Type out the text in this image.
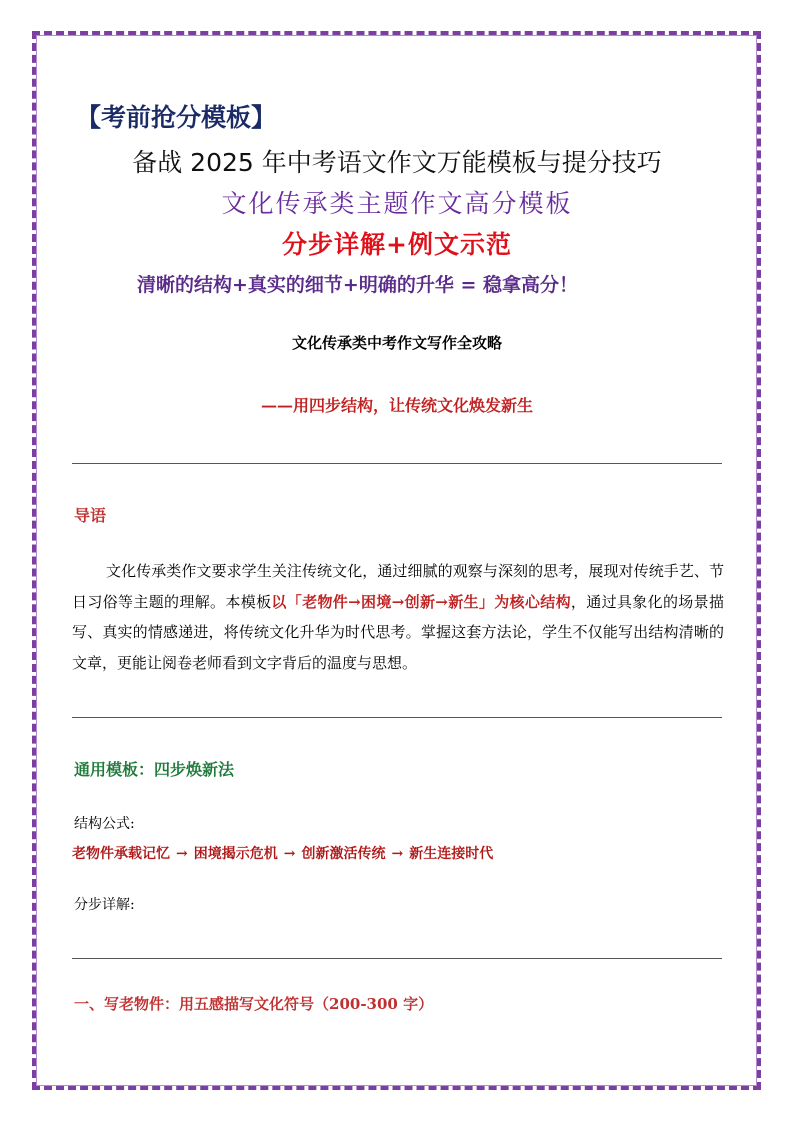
【考前抢分模板】
备战 2025 年中考语文作文万能模板与提分技巧
文化传承类主题作文高分模板
分步详解+例文示范
清晰的结构+真实的细节+明确的升华 = 稳拿高分！
文化传承类中考作文写作全攻略
——用四步结构，让传统文化焕发新生
导语
文化传承类作文要求学生关注传统文化，通过细腻的观察与深刻的思考，展现对传统手艺、节日习俗等主题的理解。本模板以「老物件→困境→创新→新生」为核心结构，通过具象化的场景描写、真实的情感递进，将传统文化升华为时代思考。掌握这套方法论，学生不仅能写出结构清晰的文章，更能让阅卷老师看到文字背后的温度与思想。
通用模板：四步焕新法
结构公式:
老物件承载记忆 → 困境揭示危机 → 创新激活传统 → 新生连接时代
分步详解:
一、写老物件：用五感描写文化符号（200-300 字）
